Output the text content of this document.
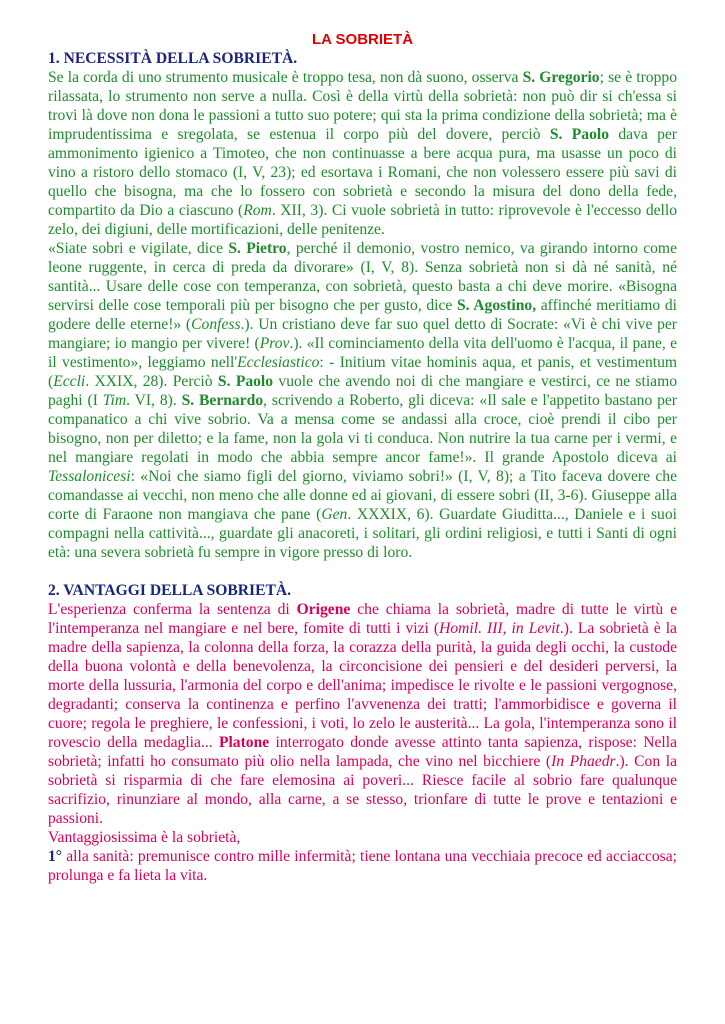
LA SOBRIETÀ
1. NECESSITÀ DELLA SOBRIETÀ.

Se la corda di uno strumento musicale è troppo tesa, non dà suono, osserva S. Gregorio; se è troppo rilassata, lo strumento non serve a nulla. Così è della virtù della sobrietà: non può dir si ch'essa si trovi là dove non dona le passioni a tutto suo potere; qui sta la prima condizione della sobrietà; ma è imprudentissima e sregolata, se estenua il corpo più del dovere, perciò S. Paolo dava per ammonimento igienico a Timoteo, che non continuasse a bere acqua pura, ma usasse un poco di vino a ristoro dello stomaco (I, V, 23); ed esortava i Romani, che non volessero essere più savi di quello che bisogna, ma che lo fossero con sobrietà e secondo la misura del dono della fede, compartito da Dio a ciascuno (Rom. XII, 3). Ci vuole sobrietà in tutto: riprovevole è l'eccesso dello zelo, dei digiuni, delle mortificazioni, delle penitenze.

«Siate sobri e vigilate, dice S. Pietro, perché il demonio, vostro nemico, va girando intorno come leone ruggente, in cerca di preda da divorare» (I, V, 8). Senza sobrietà non si dà né sanità, né santità... Usare delle cose con temperanza, con sobrietà, questo basta a chi deve morire. «Bisogna servirsi delle cose temporali più per bisogno che per gusto, dice S. Agostino, affinché meritiamo di godere delle eterne!» (Confess.). Un cristiano deve far suo quel detto di Socrate: «Vi è chi vive per mangiare; io mangio per vivere! (Prov.). «Il cominciamento della vita dell'uomo è l'acqua, il pane, e il vestimento», leggiamo nell'Ecclesiastico: - Initium vitae hominis aqua, et panis, et vestimentum (Eccli. XXIX, 28). Perciò S. Paolo vuole che avendo noi di che mangiare e vestirci, ce ne stiamo paghi (I Tim. VI, 8). S. Bernardo, scrivendo a Roberto, gli diceva: «Il sale e l'appetito bastano per companatico a chi vive sobrio. Va a mensa come se andassi alla croce, cioè prendi il cibo per bisogno, non per diletto; e la fame, non la gola vi ti conduca. Non nutrire la tua carne per i vermi, e nel mangiare regolati in modo che abbia sempre ancor fame!». Il grande Apostolo diceva ai Tessalonicesi: «Noi che siamo figli del giorno, viviamo sobri!» (I, V, 8); a Tito faceva dovere che comandasse ai vecchi, non meno che alle donne ed ai giovani, di essere sobri (II, 3-6). Giuseppe alla corte di Faraone non mangiava che pane (Gen. XXXIX, 6). Guardate Giuditta..., Daniele e i suoi compagni nella cattività..., guardate gli anacoreti, i solitari, gli ordini religiosi, e tutti i Santi di ogni età: una severa sobrietà fu sempre in vigore presso di loro.

2. VANTAGGI DELLA SOBRIETÀ.

L'esperienza conferma la sentenza di Origene che chiama la sobrietà, madre di tutte le virtù e l'intemperanza nel mangiare e nel bere, fomite di tutti i vizi (Homil. III, in Levit.). La sobrietà è la madre della sapienza, la colonna della forza, la corazza della purità, la guida degli occhi, la custode della buona volontà e della benevolenza, la circoncisione dei pensieri e del desideri perversi, la morte della lussuria, l'armonia del corpo e dell'anima; impedisce le rivolte e le passioni vergognose, degradanti; conserva la continenza e perfino l'avvenenza dei tratti; l'ammorbidisce e governa il cuore; regola le preghiere, le confessioni, i voti, lo zelo le austerità... La gola, l'intemperanza sono il rovescio della medaglia... Platone interrogato donde avesse attinto tanta sapienza, rispose: Nella sobrietà; infatti ho consumato più olio nella lampada, che vino nel bicchiere (In Phaedr.). Con la sobrietà si risparmia di che fare elemosina ai poveri... Riesce facile al sobrio fare qualunque sacrifizio, rinunziare al mondo, alla carne, a se stesso, trionfare di tutte le prove e tentazioni e passioni.

Vantaggiosissima è la sobrietà,

1° alla sanità: premunisce contro mille infermità; tiene lontana una vecchiaia precoce ed acciaccosa; prolunga e fa lieta la vita.
